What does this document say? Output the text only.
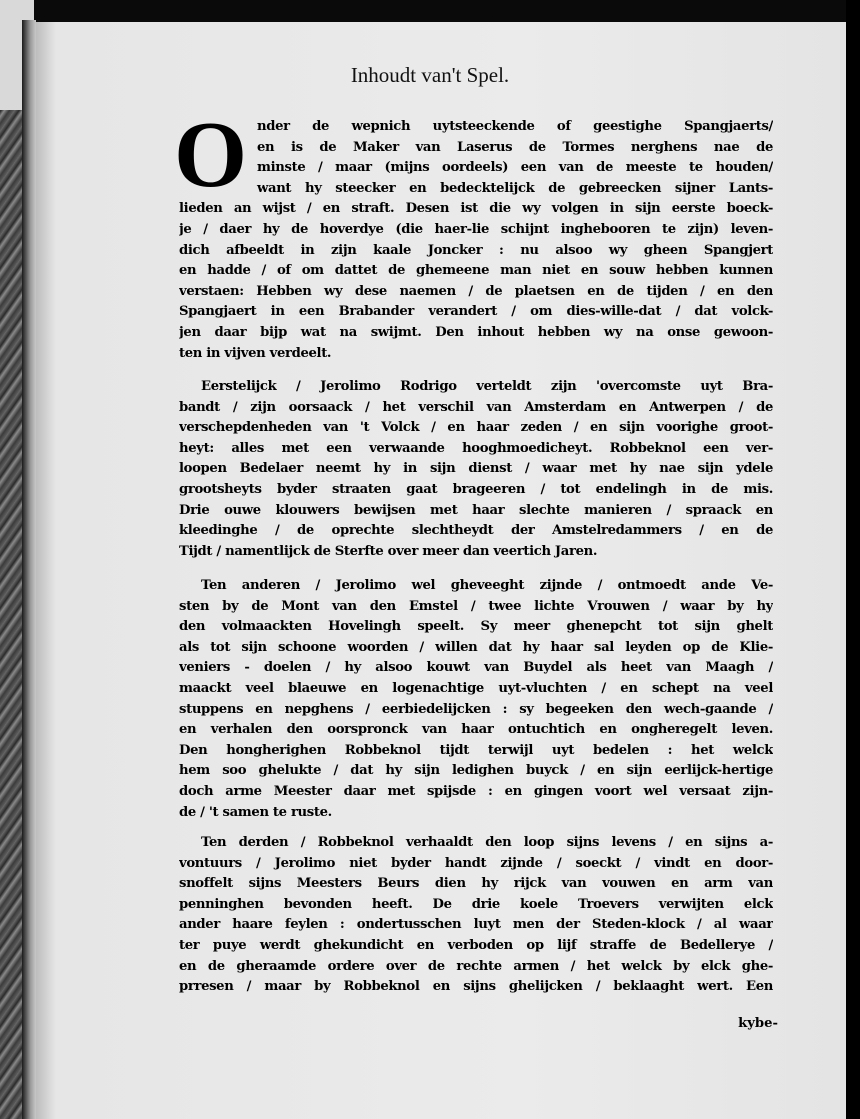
Inhoudt van't Spel.
O nder de wepnich uytsteeckende of geestighe Spangjaerts/
en is de Maker van Laserus de Tormes nerghens nae de
minste / maar (mijns oordeels) een van de meeste te houden/
want hy steecker en bedecktelijck de gebreecken sijner Lants-
lieden an wijst / en straft. Desen ist die wy volgen in sijn eerste boeck-
je / daer hy de hoverdye (die haer-lie schijnt inghebooren te zijn) leven-
dich afbeeldt in zijn kaale Joncker : nu alsoo wy gheen Spangjert
en hadde / of om dattet de ghemeene man niet en souw hebben kunnen
verstaen: Hebben wy dese naemen / de plaetsen en de tijden / en den
Spangjaert in een Brabander verandert / om dies-wille-dat / dat volck-
jen daar bijp wat na swijmt. Den inhout hebben wy na onse gewoon-
ten in vijven verdeelt.
Eerstelijck / Jerolimo Rodrigo verteldt zijn 'overcomste uyt Bra-
bandt / zijn oorsaack / het verschil van Amsterdam en Antwerpen / de
verschepdenheden van 't Volck / en haar zeden / en sijn voorighe groot-
heyt: alles met een verwaande hooghmoedicheyt. Robbeknol een ver-
loopen Bedelaer neemt hy in sijn dienst / waar met hy nae sijn ydele
grootsheyts byder straaten gaat brageeren / tot endelingh in de mis.
Drie ouwe klouwers bewijsen met haar slechte manieren / spraack en
kleedinghe / de oprechte slechtheydt der Amstelredammers / en de
Tijdt / namentlijck de Sterfte over meer dan veertich Jaren.
Ten anderen / Jerolimo wel gheveeght zijnde / ontmoedt ande Ve-
sten by de Mont van den Emstel / twee lichte Vrouwen / waar by hy
den volmaackten Hovelingh speelt. Sy meer ghenepcht tot sijn ghelt
als tot sijn schoone woorden / willen dat hy haar sal leyden op de Klie-
veniers - doelen / hy alsoo kouwt van Buydel als heet van Maagh /
maackt veel blaeuwe en logenachtige uyt-vluchten / en schept na veel
stuppens en nepghens / eerbiedelijcken : sy begeeken den wech-gaande /
en verhalen den oorspronck van haar ontuchtich en ongheregelt leven.
Den hongherighen Robbeknol tijdt terwijl uyt bedelen : het welck
hem soo ghelukte / dat hy sijn ledighen buyck / en sijn eerlijck-hertige
doch arme Meester daar met spijsde : en gingen voort wel versaat zijn-
de / 't samen te ruste.
Ten derden / Robbeknol verhaaldt den loop sijns levens / en sijns a-
vontuurs / Jerolimo niet byder handt zijnde / soeckt / vindt en door-
snoffelt sijns Meesters Beurs dien hy rijck van vouwen en arm van
penninghen bevonden heeft. De drie koele Troevers verwijten elck
ander haare feylen : ondertusschen luyt men der Steden-klock / al waar
ter puye werdt ghekundicht en verboden op lijf straffe de Bedellerye /
en de gheraamde ordere over de rechte armen / het welck by elck ghe-
prresen / maar by Robbeknol en sijns ghelijcken / beklaaght wert. Een
kybe-
